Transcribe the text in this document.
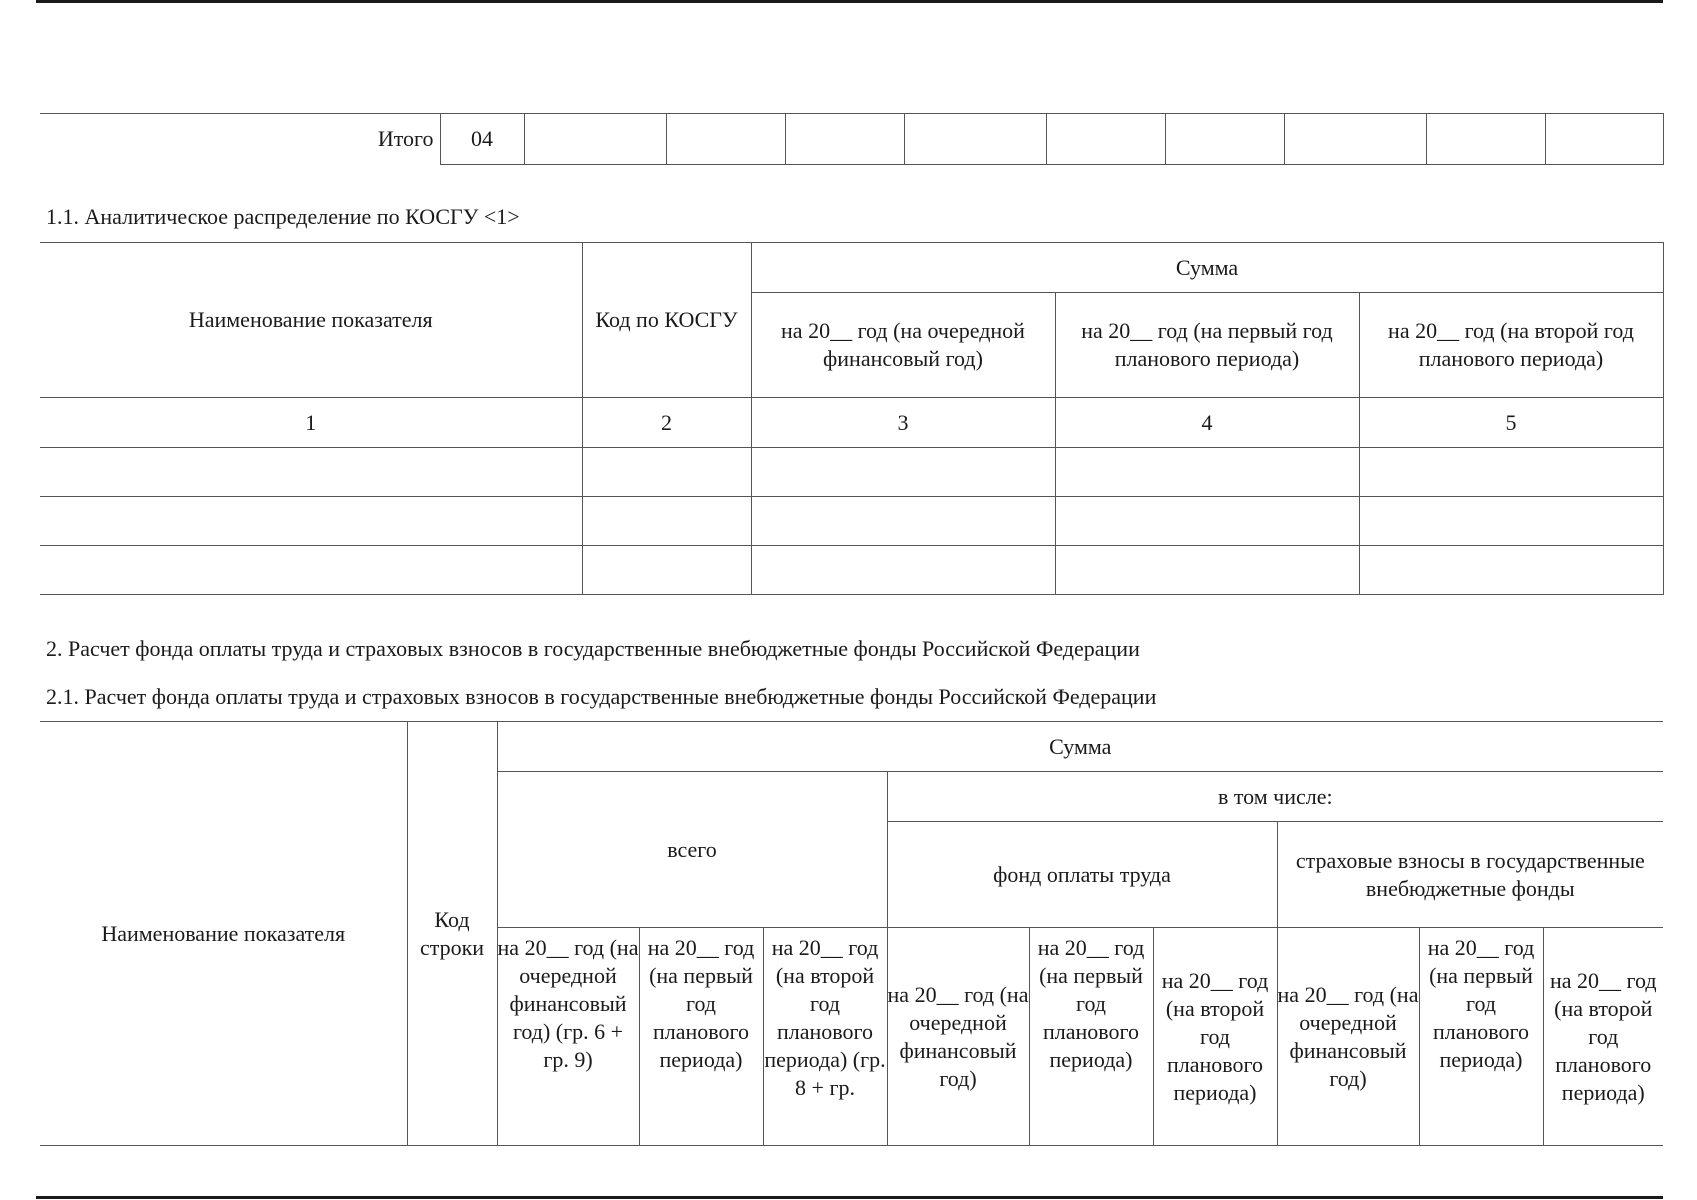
Итого	04									
1.1. Аналитическое распределение по КОСГУ <1>
Наименование показателя	Код по КОСГУ	Сумма		
		на 20__ год (на очередной финансовый год)	на 20__ год (на первый год планового периода)	на 20__ год (на второй год планового периода)
1	2	3	4	5

2. Расчет фонда оплаты труда и страховых взносов в государственные внебюджетные фонды Российской Федерации
2.1. Расчет фонда оплаты труда и страховых взносов в государственные внебюджетные фонды Российской Федерации
Наименование показателя	Код строки	Сумма								
		всего			в том числе:					
					фонд оплаты труда			страховые взносы в государственные внебюджетные фонды		

		на 20__ год (на очередной финансовый год) (гр. 6 + гр. 9)	на 20__ год (на первый год планового периода)	на 20__ год (на второй год планового периода) (гр. 8 + гр.	на 20__ год (на очередной финансовый год)	на 20__ год (на первый год планового периода)	на 20__ год (на второй год планового периода)	на 20__ год (на очередной финансовый год)	на 20__ год (на первый год планового периода)	на 20__ год (на второй год планового периода)
